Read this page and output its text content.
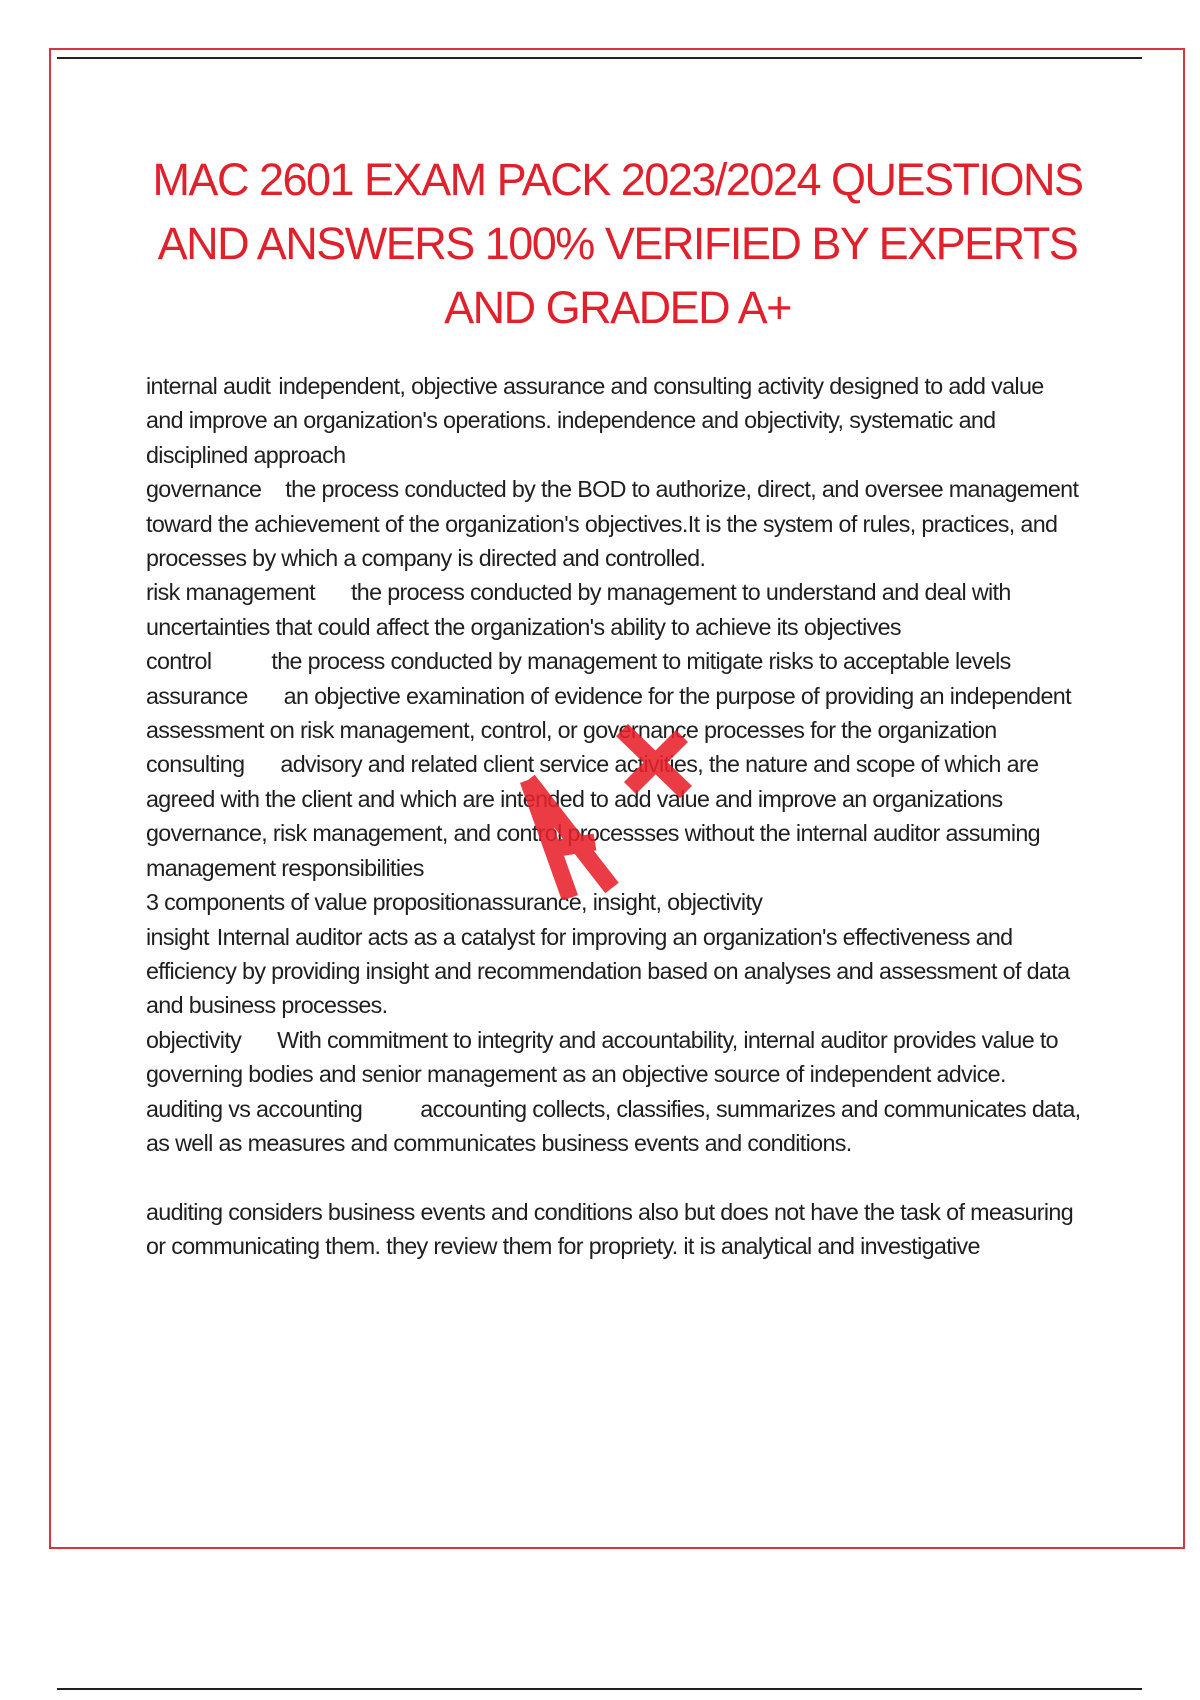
MAC 2601 EXAM PACK 2023/2024 QUESTIONS
AND ANSWERS 100% VERIFIED BY EXPERTS
AND GRADED A+

internal audit independent, objective assurance and consulting activity designed to add value and improve an organization's operations. independence and objectivity, systematic and disciplined approach

governance the process conducted by the BOD to authorize, direct, and oversee management toward the achievement of the organization's objectives.It is the system of rules, practices, and processes by which a company is directed and controlled.

risk management the process conducted by management to understand and deal with uncertainties that could affect the organization's ability to achieve its objectives

control	the process conducted by management to mitigate risks to acceptable levels

assurance an objective examination of evidence for the purpose of providing an independent assessment on risk management, control, or governance processes for the organization

consulting advisory and related client service activities, the nature and scope of which are agreed with the client and which are intended to add value and improve an organizations governance, risk management, and control processses without the internal auditor assuming management responsibilities

3 components of value propositionassurance, insight, objectivity

insight Internal auditor acts as a catalyst for improving an organization's effectiveness and efficiency by providing insight and recommendation based on analyses and assessment of data and business processes.

objectivity With commitment to integrity and accountability, internal auditor provides value to governing bodies and senior management as an objective source of independent advice.

auditing vs accounting accounting collects, classifies, summarizes and communicates data, as well as measures and communicates business events and conditions.

auditing considers business events and conditions also but does not have the task of measuring or communicating them. they review them for propriety. it is analytical and investigative
